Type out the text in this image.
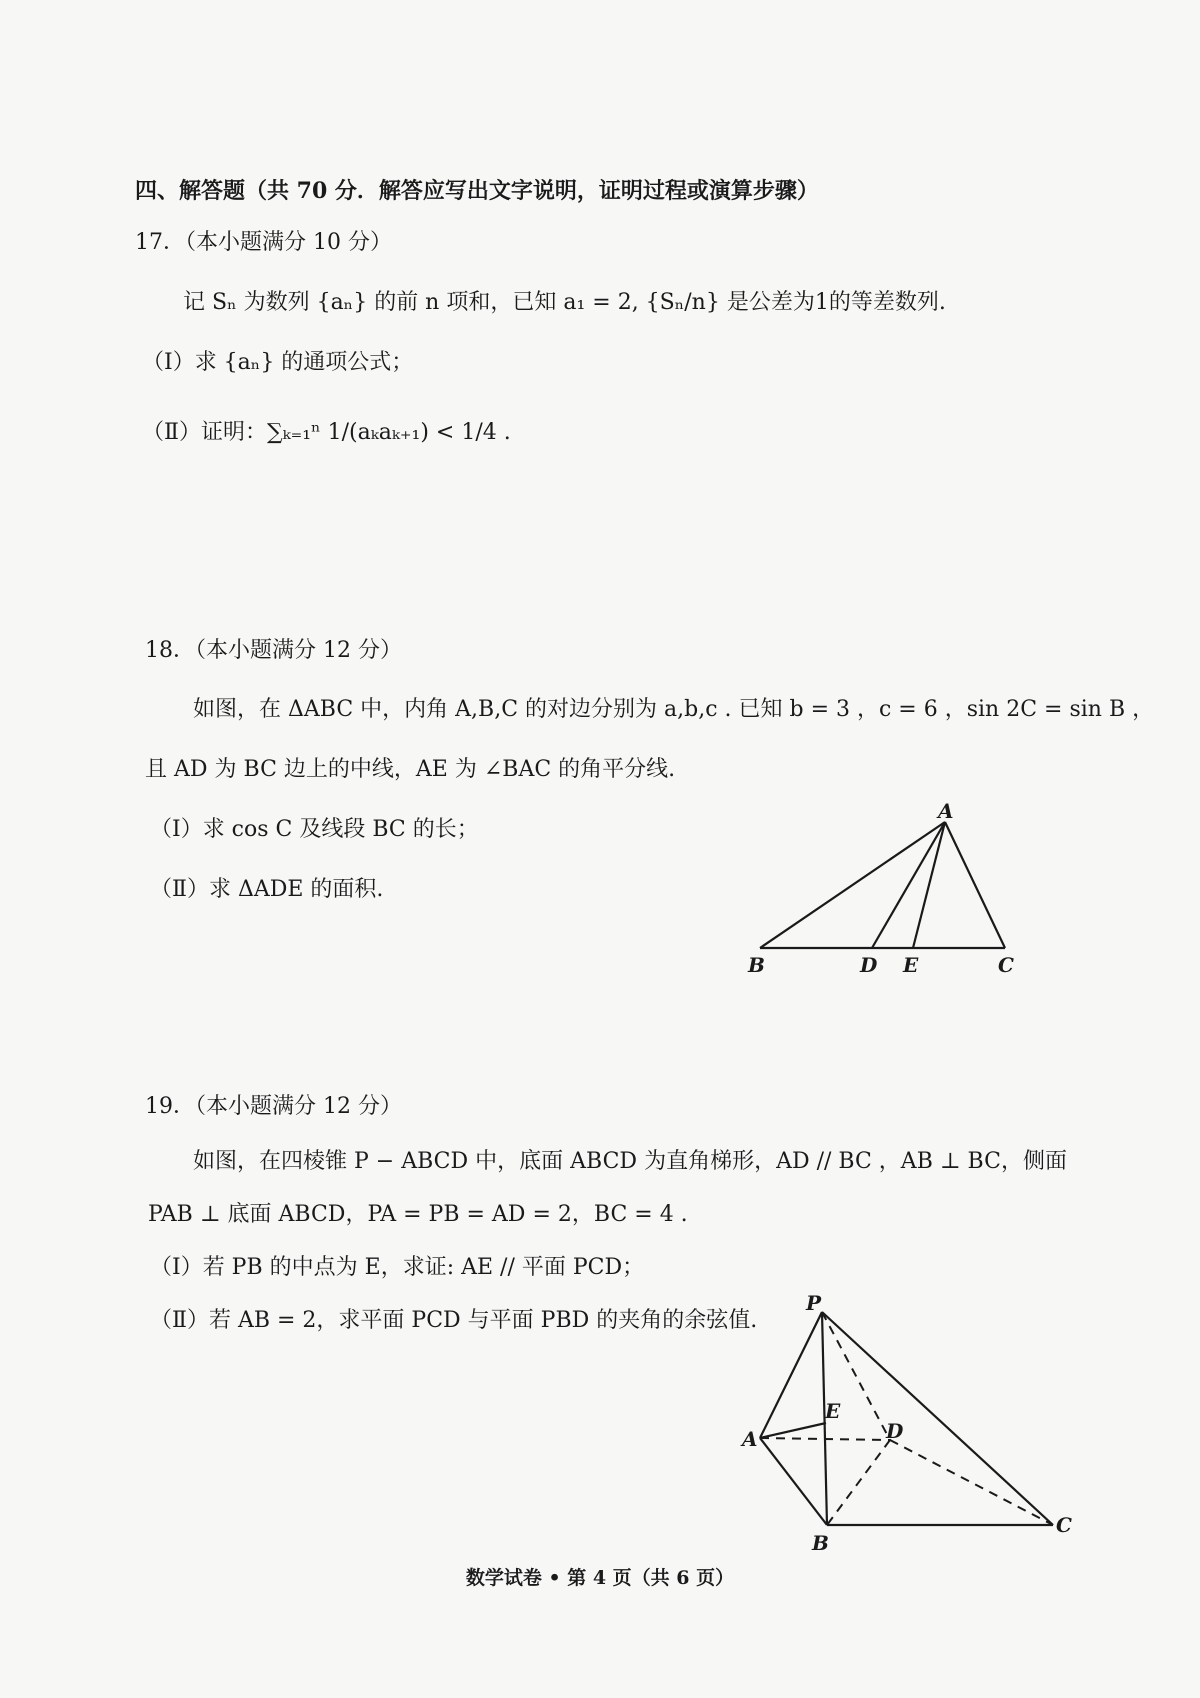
四、解答题（共 70 分．解答应写出文字说明，证明过程或演算步骤）
17．（本小题满分 10 分）
记 Sₙ 为数列 {aₙ} 的前 n 项和，已知 a₁ = 2, {Sₙ/n} 是公差为1的等差数列.
（Ⅰ）求 {aₙ} 的通项公式；
（Ⅱ）证明：∑ₖ₌₁ⁿ 1/(aₖaₖ₊₁) < 1/4 .
18．（本小题满分 12 分）
如图，在 ΔABC 中，内角 A,B,C 的对边分别为 a,b,c . 已知 b = 3 ，c = 6 ，sin 2C = sin B ，
且 AD 为 BC 边上的中线，AE 为 ∠BAC 的角平分线.
（Ⅰ）求 cos C 及线段 BC 的长；
（Ⅱ）求 ΔADE 的面积.
A
B	D E	C
19．（本小题满分 12 分）
如图，在四棱锥 P − ABCD 中，底面 ABCD 为直角梯形，AD // BC ，AB ⊥ BC，侧面
PAB ⊥ 底面 ABCD，PA = PB = AD = 2，BC = 4 .
（Ⅰ）若 PB 的中点为 E，求证: AE // 平面 PCD；
（Ⅱ）若 AB = 2，求平面 PCD 与平面 PBD 的夹角的余弦值.
P
A
E
D
B
C
数学试卷 • 第 4 页（共 6 页）
